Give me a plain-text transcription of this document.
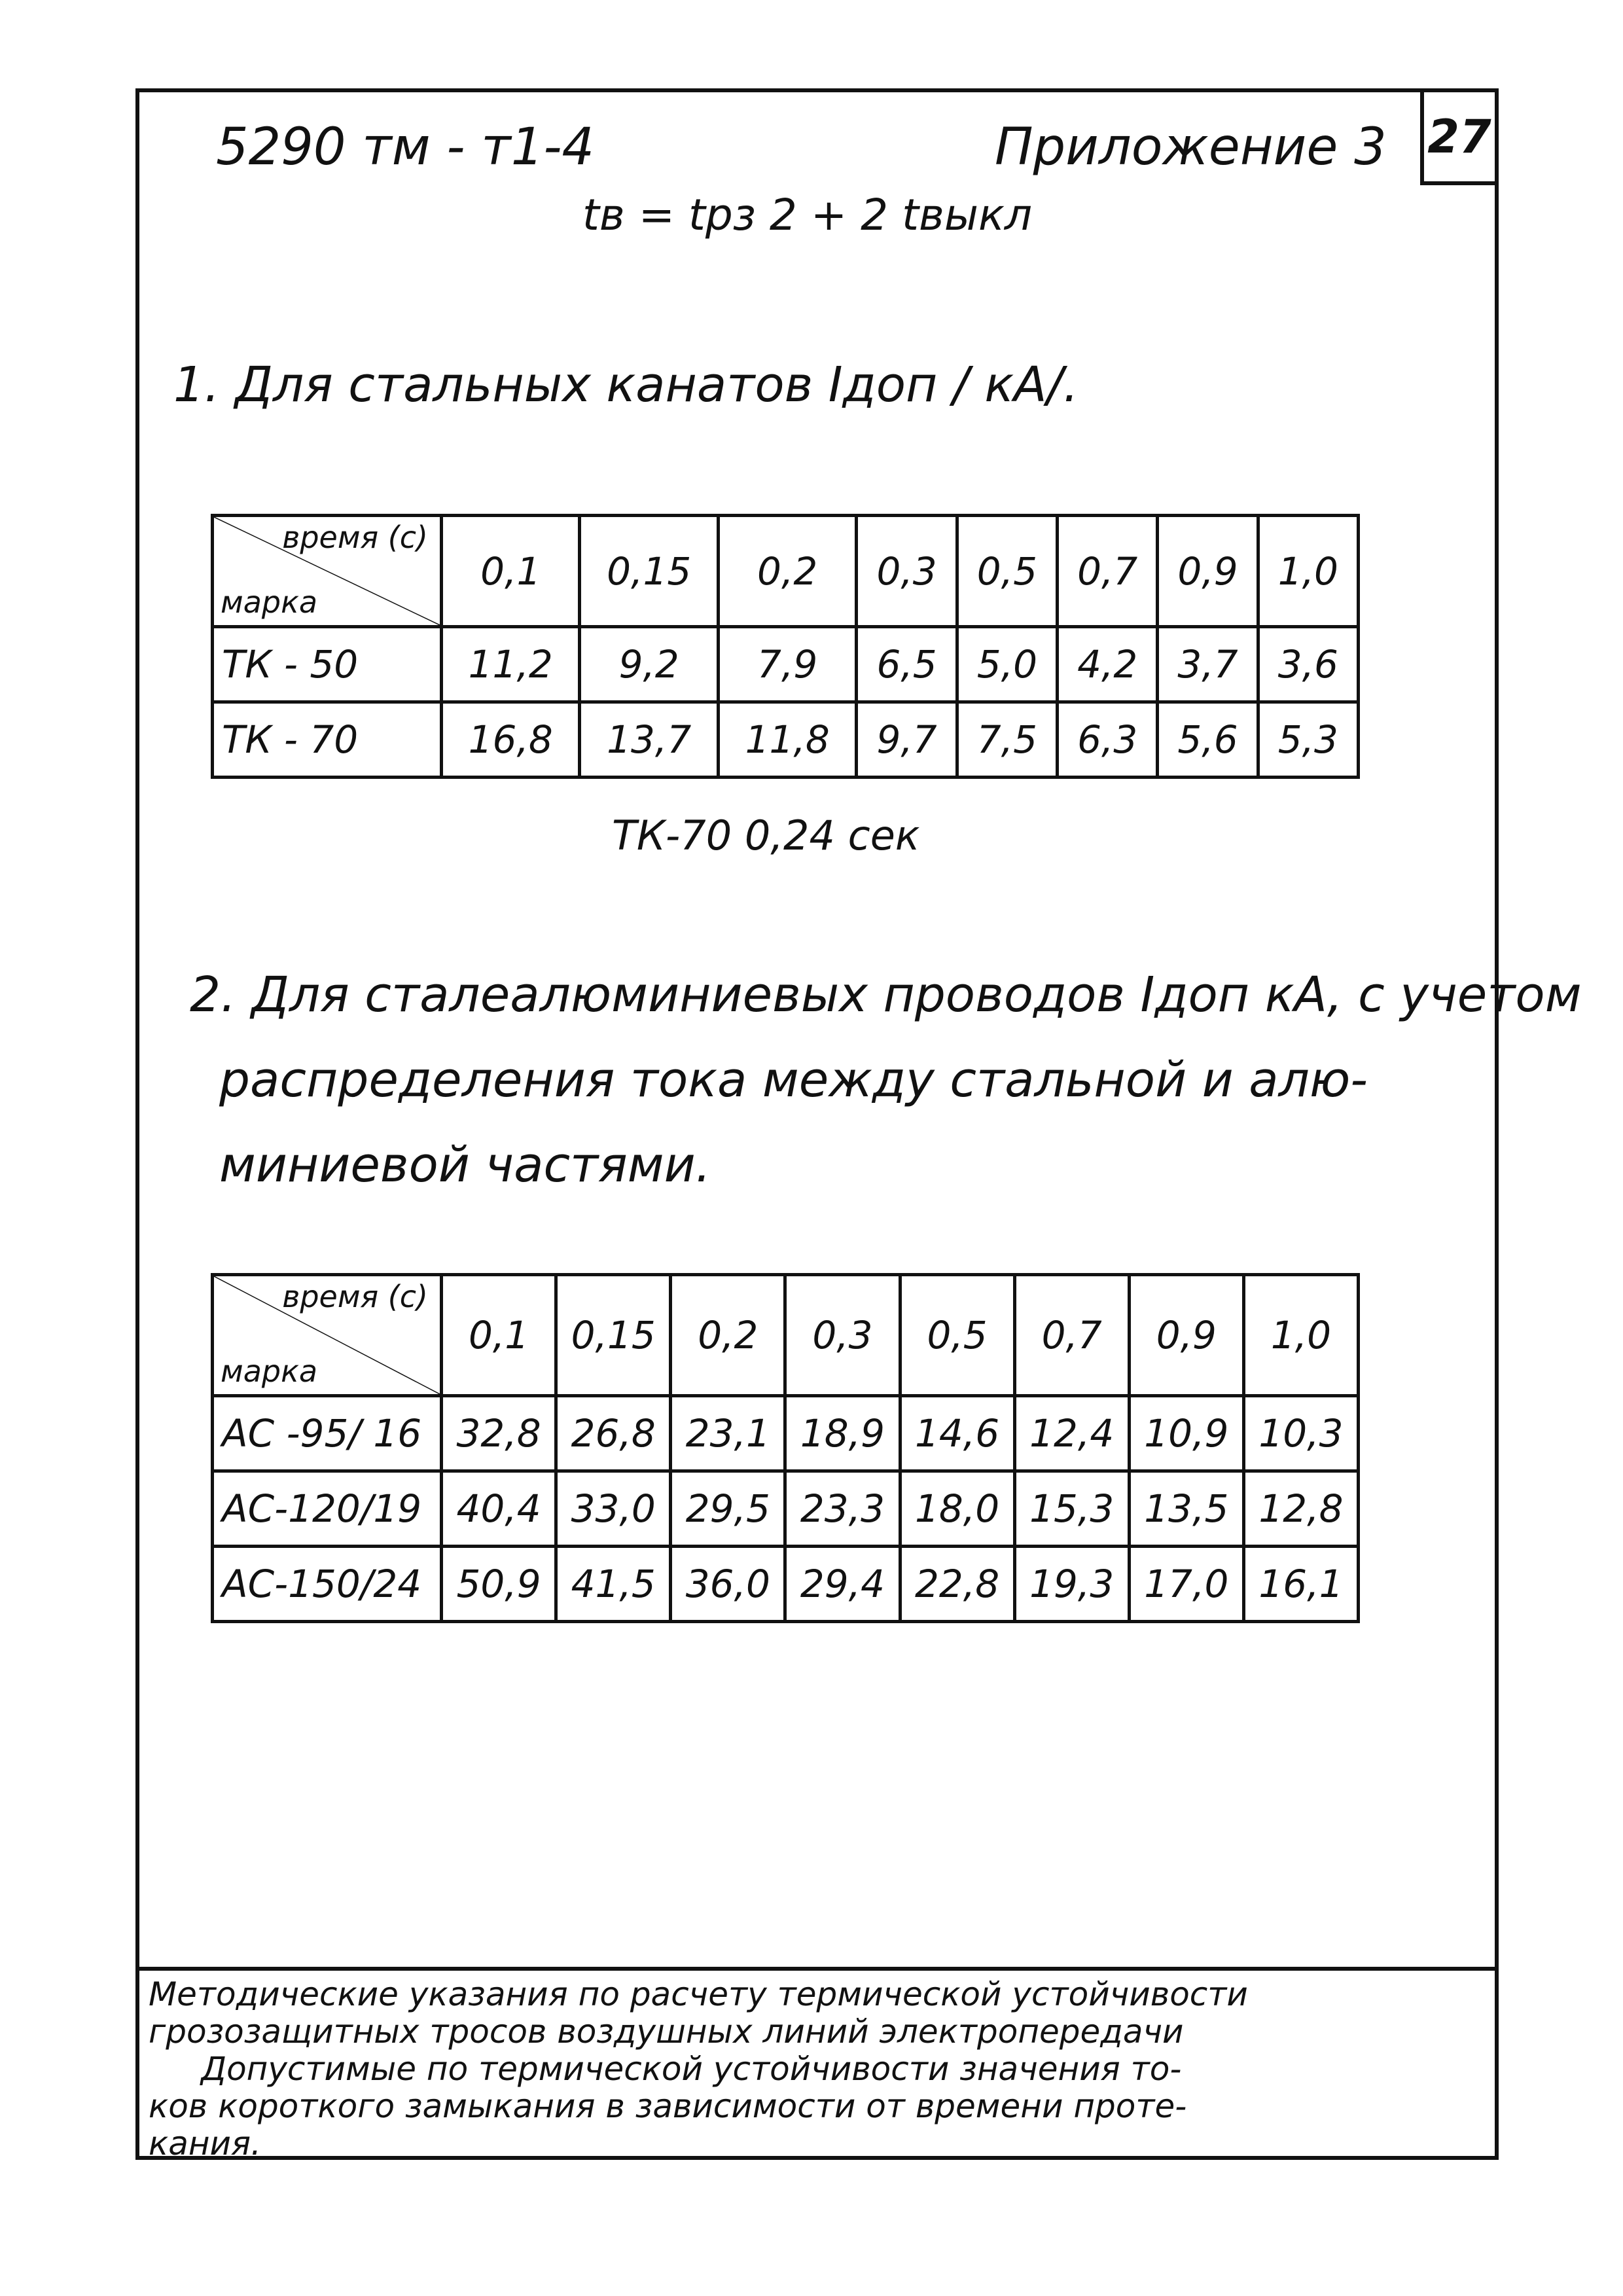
27
5290 тм - т1-4	Приложение 3
tв = tрз 2 + 2 tвыкл
1. Для стальных канатов Iдоп / кА/.
время (с)
марка	0,1	0,15	0,2	0,3	0,5	0,7	0,9	1,0
ТК - 50	11,2	9,2	7,9	6,5	5,0	4,2	3,7	3,6
ТК - 70	16,8	13,7	11,8	9,7	7,5	6,3	5,6	5,3
ТК-70 0,24 сек
2. Для сталеалюминиевых проводов Iдоп кА, с учетом
распределения тока между стальной и алю-
миниевой частями.
время (с)
марка	0,1	0,15	0,2	0,3	0,5	0,7	0,9	1,0
АС -95/ 16	32,8	26,8	23,1	18,9	14,6	12,4	10,9	10,3
АС-120/19	40,4	33,0	29,5	23,3	18,0	15,3	13,5	12,8
АС-150/24	50,9	41,5	36,0	29,4	22,8	19,3	17,0	16,1

Методические указания по расчету термической устойчивости

грозозащитных тросов воздушных линий электропередачи

Допустимые по термической устойчивости значения то-

ков короткого замыкания в зависимости от времени проте-

кания.
